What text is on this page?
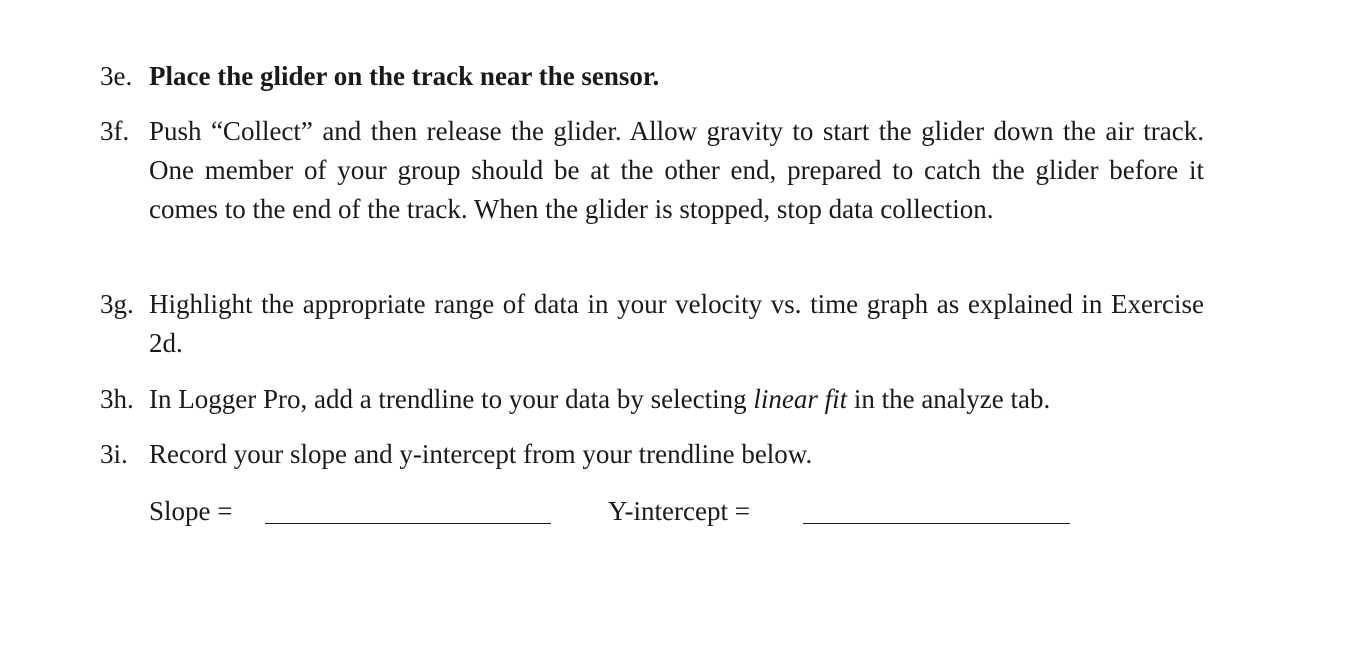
3e. Place the glider on the track near the sensor.
3f. Push “Collect” and then release the glider. Allow gravity to start the glider down the air track. One member of your group should be at the other end, prepared to catch the glider before it comes to the end of the track. When the glider is stopped, stop data collection.
3g. Highlight the appropriate range of data in your velocity vs. time graph as explained in Exercise 2d.
3h. In Logger Pro, add a trendline to your data by selecting linear fit in the analyze tab.
3i. Record your slope and y-intercept from your trendline below.
Slope =	Y-intercept =
